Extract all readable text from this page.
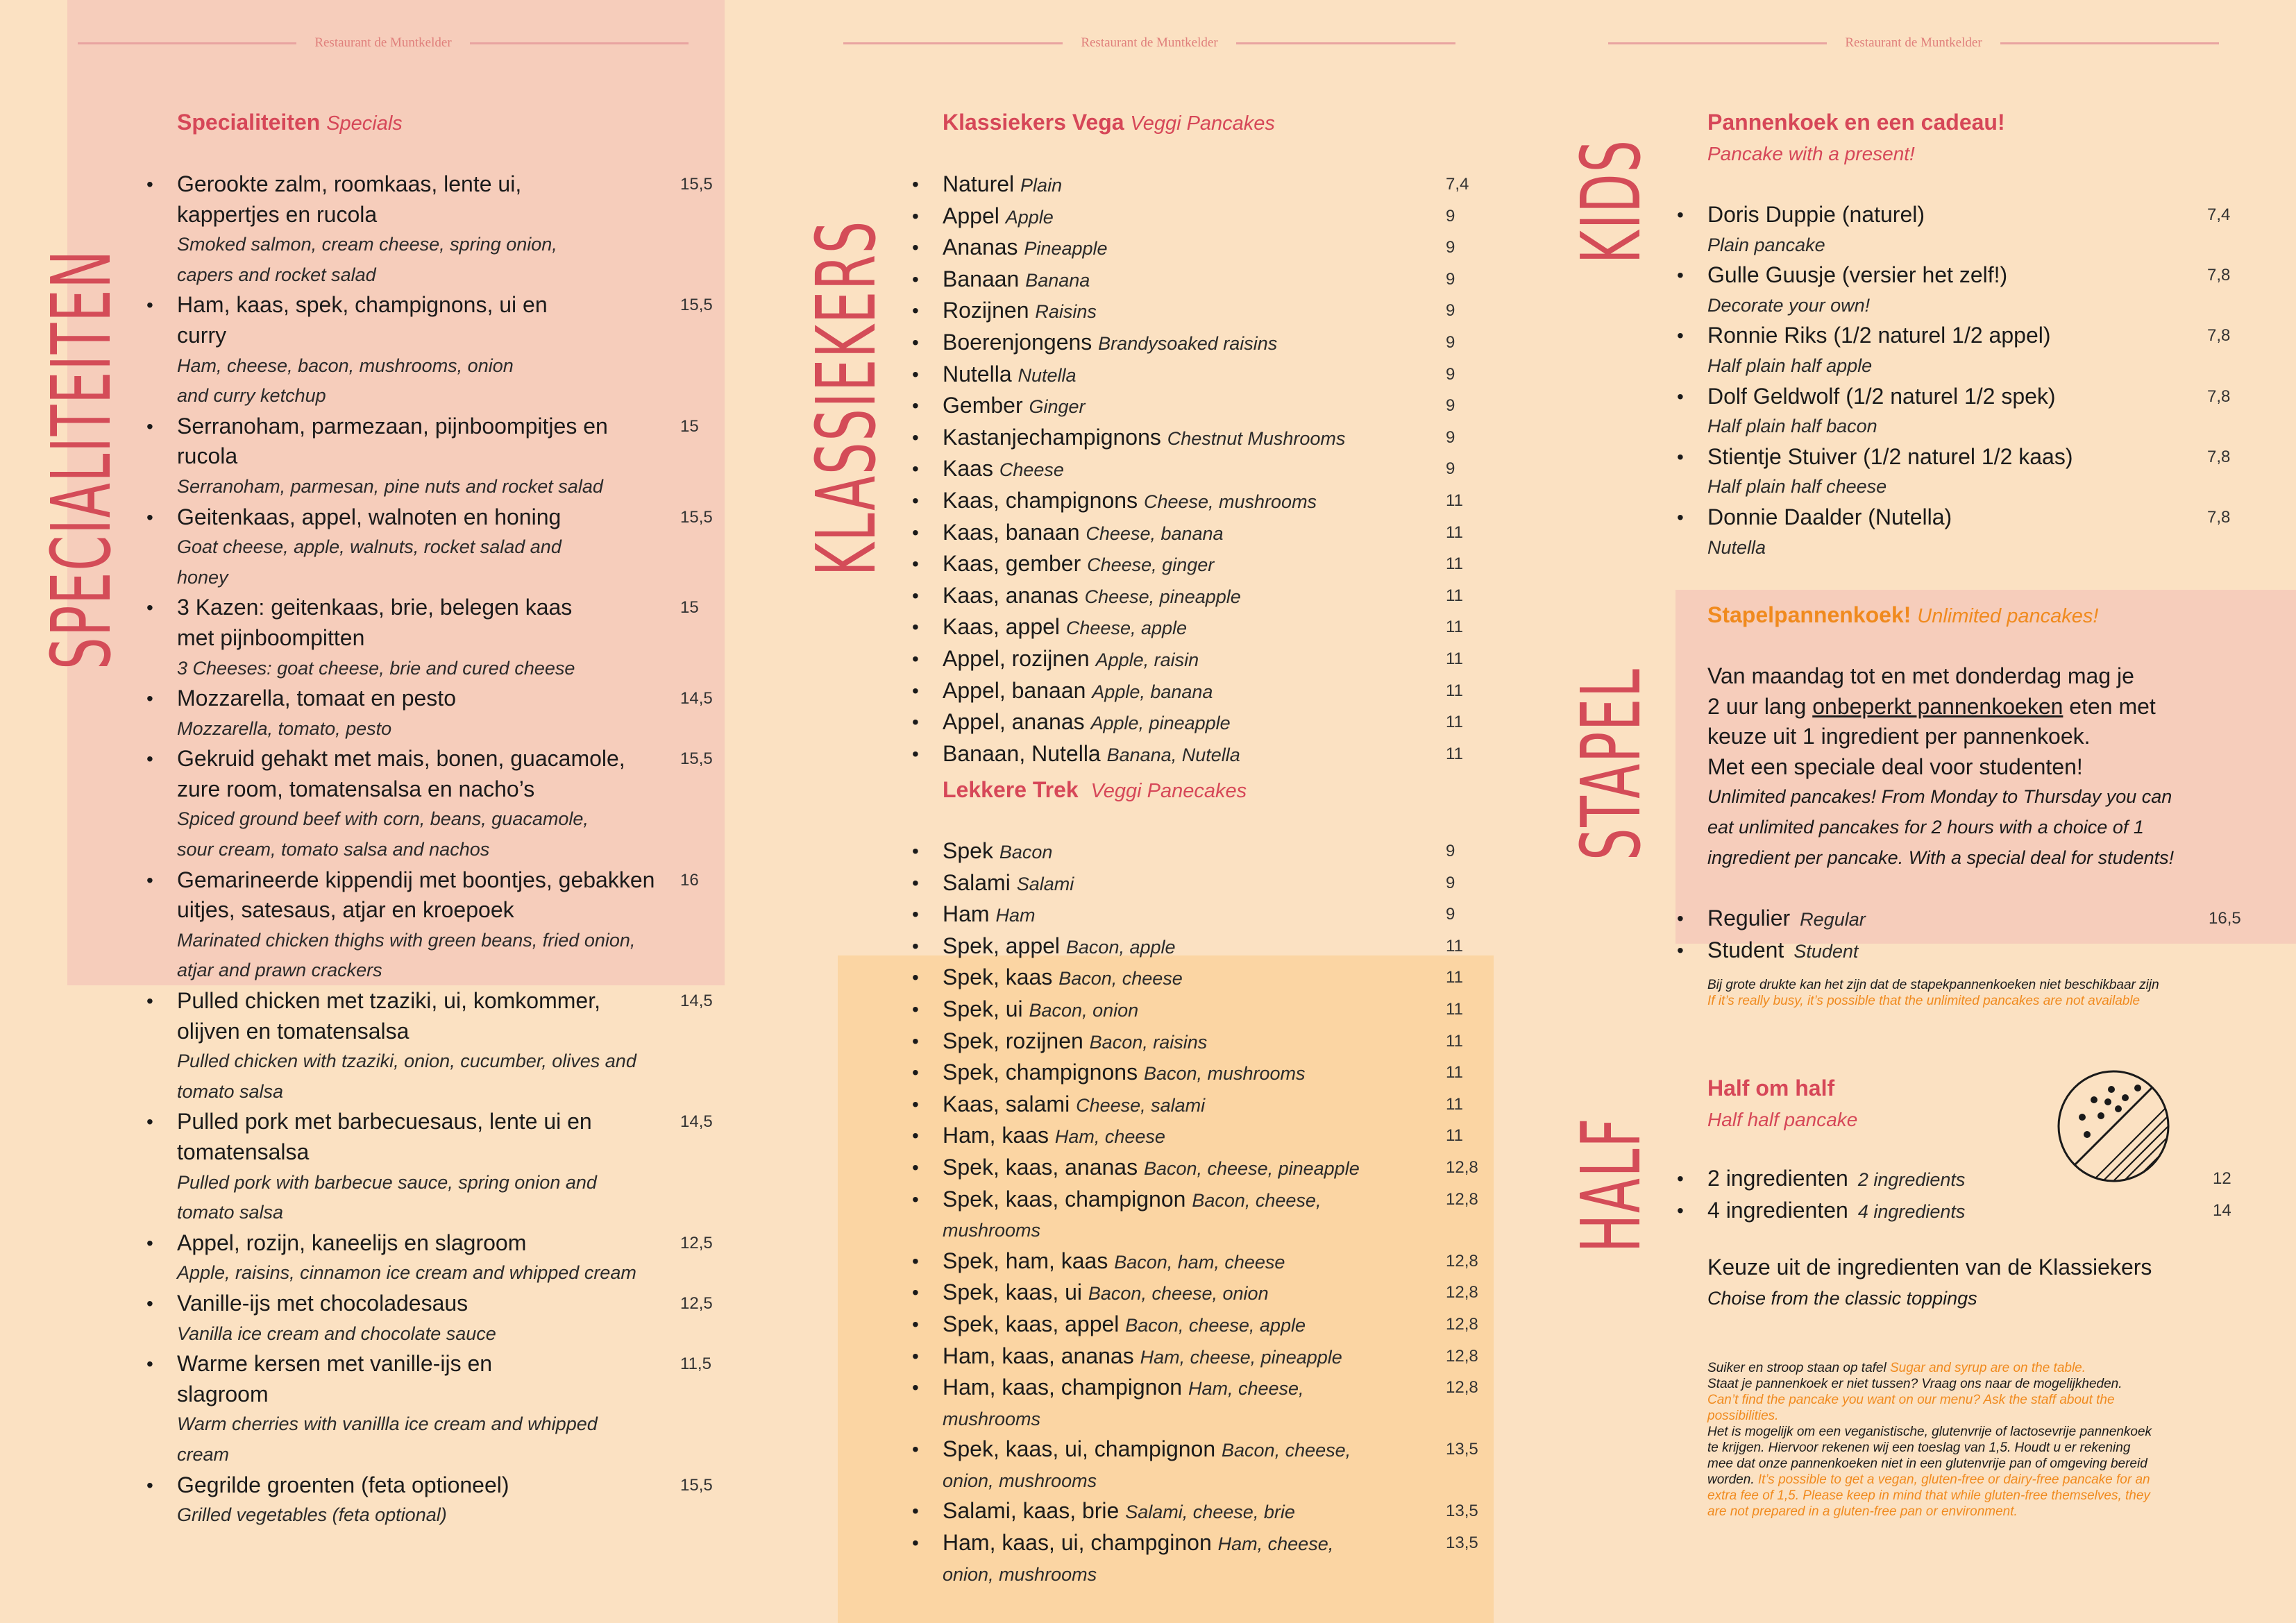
Restaurant de Muntkelder	Restaurant de Muntkelder	Restaurant de Muntkelder
SPECIALITEITEN	KLASSIEKERS
KIDS
STAPEL
HALF
Specialiteiten Specials
• Gerookte zalm, roomkaas, lente ui,
kappertjes en rucola
Smoked salmon, cream cheese, spring onion,
capers and rocket salad
15,5
• Ham, kaas, spek, champignons, ui en
curry
Ham, cheese, bacon, mushrooms, onion
and curry ketchup
15,5
• Serranoham, parmezaan, pijnboompitjes en
rucola
Serranoham, parmesan, pine nuts and rocket salad
15
• Geitenkaas, appel, walnoten en honing
Goat cheese, apple, walnuts, rocket salad and
honey
15,5
• 3 Kazen: geitenkaas, brie, belegen kaas
met pijnboompitten
3 Cheeses: goat cheese, brie and cured cheese
15
• Mozzarella, tomaat en pesto
Mozzarella, tomato, pesto
14,5
• Gekruid gehakt met mais, bonen, guacamole,
zure room, tomatensalsa en nacho’s
Spiced ground beef with corn, beans, guacamole,
sour cream, tomato salsa and nachos
15,5
• Gemarineerde kippendij met boontjes, gebakken
uitjes, satesaus, atjar en kroepoek
Marinated chicken thighs with green beans, fried onion,
atjar and prawn crackers
16
• Pulled chicken met tzaziki, ui, komkommer,
olijven en tomatensalsa
Pulled chicken with tzaziki, onion, cucumber, olives and
tomato salsa
14,5
• Pulled pork met barbecuesaus, lente ui en
tomatensalsa
Pulled pork with barbecue sauce, spring onion and
tomato salsa
14,5
• Appel, rozijn, kaneelijs en slagroom
Apple, raisins, cinnamon ice cream and whipped cream
12,5
• Vanille-ijs met chocoladesaus
Vanilla ice cream and chocolate sauce
12,5
• Warme kersen met vanille-ijs en
slagroom
Warm cherries with vanillla ice cream and whipped
cream
11,5
• Gegrilde groenten (feta optioneel)
Grilled vegetables (feta optional)
15,5
Klassiekers Vega Veggi Pancakes
• Naturel Plain	7,4
• Appel Apple	9
• Ananas Pineapple	9
• Banaan Banana	9
• Rozijnen Raisins	9
• Boerenjongens Brandysoaked raisins	9
• Nutella Nutella	9
• Gember Ginger	9
• Kastanjechampignons Chestnut Mushrooms	9
• Kaas Cheese	9
• Kaas, champignons Cheese, mushrooms	11
• Kaas, banaan Cheese, banana	11
• Kaas, gember Cheese, ginger	11
• Kaas, ananas Cheese, pineapple	11
• Kaas, appel Cheese, apple	11
• Appel, rozijnen Apple, raisin	11
• Appel, banaan Apple, banana	11
• Appel, ananas Apple, pineapple	11
• Banaan, Nutella Banana, Nutella	11
Lekkere Trek Veggi Panecakes
• Spek Bacon	9
• Salami Salami	9
• Ham Ham	9
• Spek, appel Bacon, apple	11
• Spek, kaas Bacon, cheese	11
• Spek, ui Bacon, onion	11
• Spek, rozijnen Bacon, raisins	11
• Spek, champignons Bacon, mushrooms	11
• Kaas, salami Cheese, salami	11
• Ham, kaas Ham, cheese	11
• Spek, kaas, ananas Bacon, cheese, pineapple	12,8
• Spek, kaas, champignon Bacon, cheese,
mushrooms
12,8
• Spek, ham, kaas Bacon, ham, cheese	12,8
• Spek, kaas, ui Bacon, cheese, onion	12,8
• Spek, kaas, appel Bacon, cheese, apple	12,8
• Ham, kaas, ananas Ham, cheese, pineapple	12,8
• Ham, kaas, champignon Ham, cheese,
mushrooms
12,8
• Spek, kaas, ui, champignon Bacon, cheese,
onion, mushrooms
13,5
• Salami, kaas, brie Salami, cheese, brie	13,5
• Ham, kaas, ui, champginon Ham, cheese,
onion, mushrooms
13,5
Pannenkoek en een cadeau!
Pancake with a present!
• Doris Duppie (naturel)
Plain pancake
7,4
• Gulle Guusje (versier het zelf!)
Decorate your own!
7,8
• Ronnie Riks (1/2 naturel 1/2 appel)
Half plain half apple
7,8
• Dolf Geldwolf (1/2 naturel 1/2 spek)
Half plain half bacon
7,8
• Stientje Stuiver (1/2 naturel 1/2 kaas)
Half plain half cheese
7,8
• Donnie Daalder (Nutella)
Nutella
7,8
Stapelpannenkoek! Unlimited pancakes!
Van maandag tot en met donderdag mag je
2 uur lang onbeperkt pannenkoeken eten met
keuze uit 1 ingredient per pannenkoek.
Met een speciale deal voor studenten!
Unlimited pancakes! From Monday to Thursday you can
eat unlimited pancakes for 2 hours with a choice of 1
ingredient per pancake. With a special deal for students!
• Regulier Regular	16,5
• Student Student
Bij grote drukte kan het zijn dat de stapekpannenkoeken niet beschikbaar zijn
If it’s really busy, it’s possible that the unlimited pancakes are not available
Half om half
Half half pancake
• 2 ingredienten 2 ingredients	12
• 4 ingredienten 4 ingredients	14
Keuze uit de ingredienten van de Klassiekers
Choise from the classic toppings
Suiker en stroop staan op tafel Sugar and syrup are on the table.
Staat je pannenkoek er niet tussen? Vraag ons naar de mogelijkheden.
Can’t find the pancake you want on our menu? Ask the staff about the
possibilities.
Het is mogelijk om een veganistische, glutenvrije of lactosevrije pannenkoek
te krijgen. Hiervoor rekenen wij een toeslag van 1,5. Houdt u er rekening
mee dat onze pannenkoeken niet in een glutenvrije pan of omgeving bereid
worden. It’s possible to get a vegan, gluten-free or dairy-free pancake for an
extra fee of 1,5. Please keep in mind that while gluten-free themselves, they
are not prepared in a gluten-free pan or environment.
